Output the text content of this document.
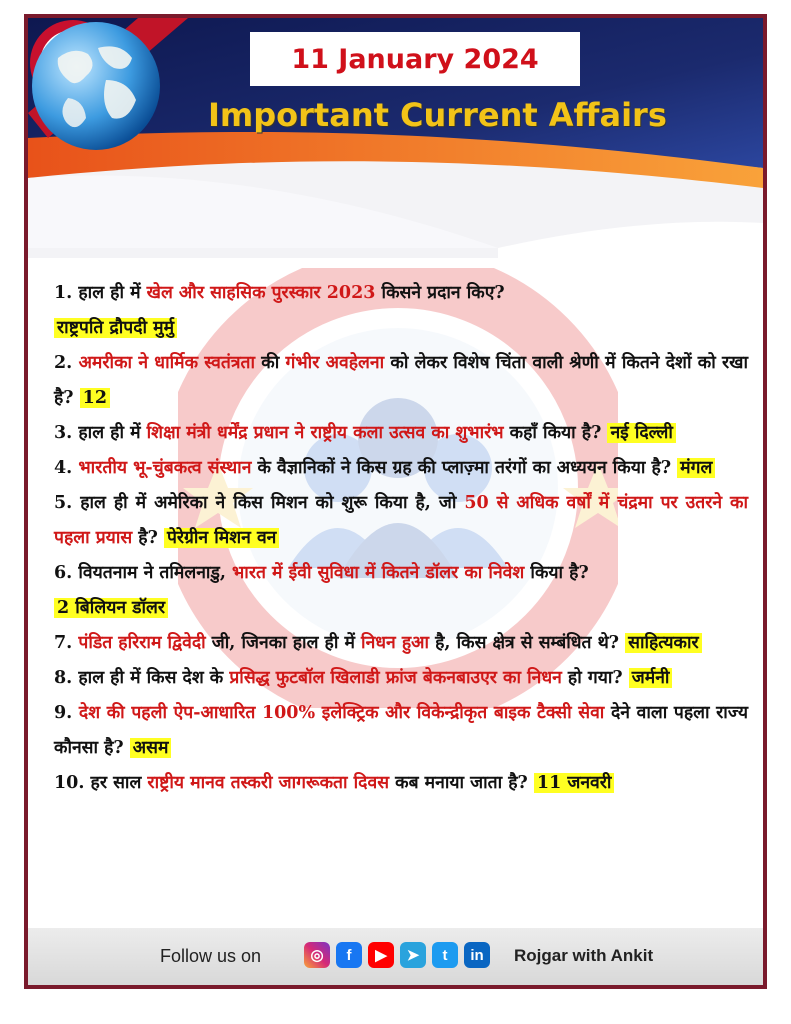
11 January 2024
Important Current Affairs

1. हाल ही में खेल और साहसिक पुरस्कार 2023 किसने प्रदान किए?
राष्ट्रपति द्रौपदी मुर्मु

2. अमरीका ने धार्मिक स्वतंत्रता की गंभीर अवहेलना को लेकर विशेष चिंता वाली श्रेणी में कितने देशों को रखा है? 12

3. हाल ही में शिक्षा मंत्री धर्मेंद्र प्रधान ने राष्ट्रीय कला उत्सव का शुभारंभ कहाँ किया है? नई दिल्ली

4. भारतीय भू-चुंबकत्व संस्थान के वैज्ञानिकों ने किस ग्रह की प्लाज़्मा तरंगों का अध्ययन किया है? मंगल

5. हाल ही में अमेरिका ने किस मिशन को शुरू किया है, जो 50 से अधिक वर्षों में चंद्रमा पर उतरने का पहला प्रयास है? पेरेग्रीन मिशन वन

6. वियतनाम ने तमिलनाडु, भारत में ईवी सुविधा में कितने डॉलर का निवेश किया है?
2 बिलियन डॉलर

7. पंडित हरिराम द्विवेदी जी, जिनका हाल ही में निधन हुआ है, किस क्षेत्र से सम्बंधित थे? साहित्यकार

8. हाल ही में किस देश के प्रसिद्ध फुटबॉल खिलाडी फ्रांज बेकनबाउएर का निधन हो गया? जर्मनी

9. देश की पहली ऐप-आधारित 100% इलेक्ट्रिक और विकेन्द्रीकृत बाइक टैक्सी सेवा देने वाला पहला राज्य कौनसा है? असम

10. हर साल राष्ट्रीय मानव तस्करी जागरूकता दिवस कब मनाया जाता है? 11 जनवरी

Follow us on	◎	f	▶	➤	t	in	Rojgar with Ankit
